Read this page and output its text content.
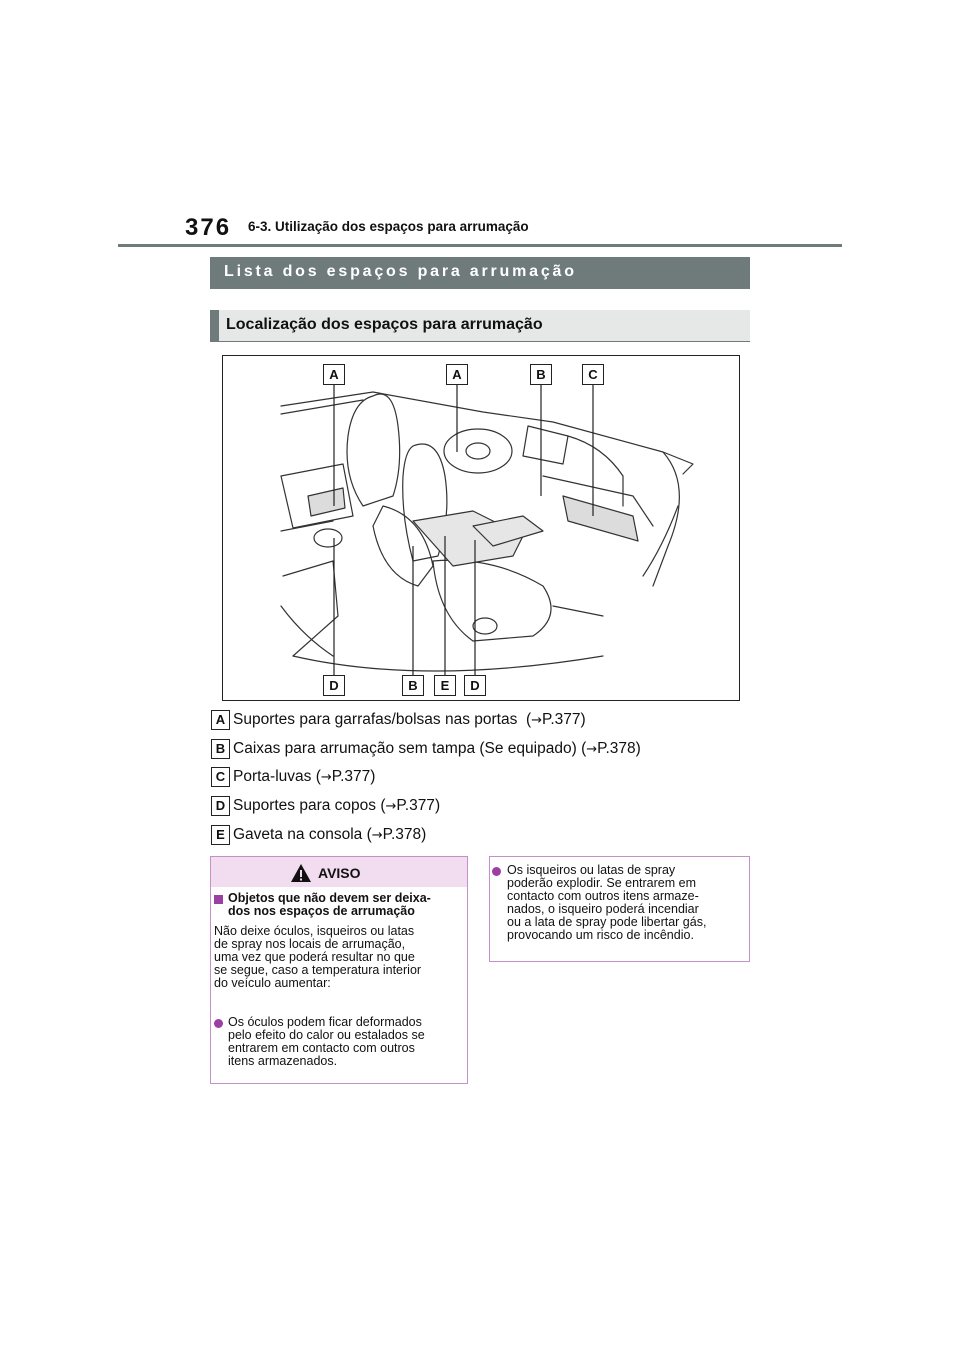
376 6-3. Utilização dos espaços para arrumação
Lista dos espaços para arrumação
Localização dos espaços para arrumação
A	A	B	C
D	B	E	D
A Suportes para garrafas/bolsas nas portas  (→P.377)
B Caixas para arrumação sem tampa (Se equipado) (→P.378)
C Porta-luvas (→P.377)
D Suportes para copos (→P.377)
E Gaveta na consola (→P.378)
AVISO
Objetos que não devem ser deixa-
dos nos espaços de arrumação
Não deixe óculos, isqueiros ou latas
de spray nos locais de arrumação,
uma vez que poderá resultar no que
se segue, caso a temperatura interior
do veículo aumentar:
Os óculos podem ficar deformados
pelo efeito do calor ou estalados se
entrarem em contacto com outros
itens armazenados.
Os isqueiros ou latas de spray
poderão explodir. Se entrarem em
contacto com outros itens armaze-
nados, o isqueiro poderá incendiar
ou a lata de spray pode libertar gás,
provocando um risco de incêndio.
